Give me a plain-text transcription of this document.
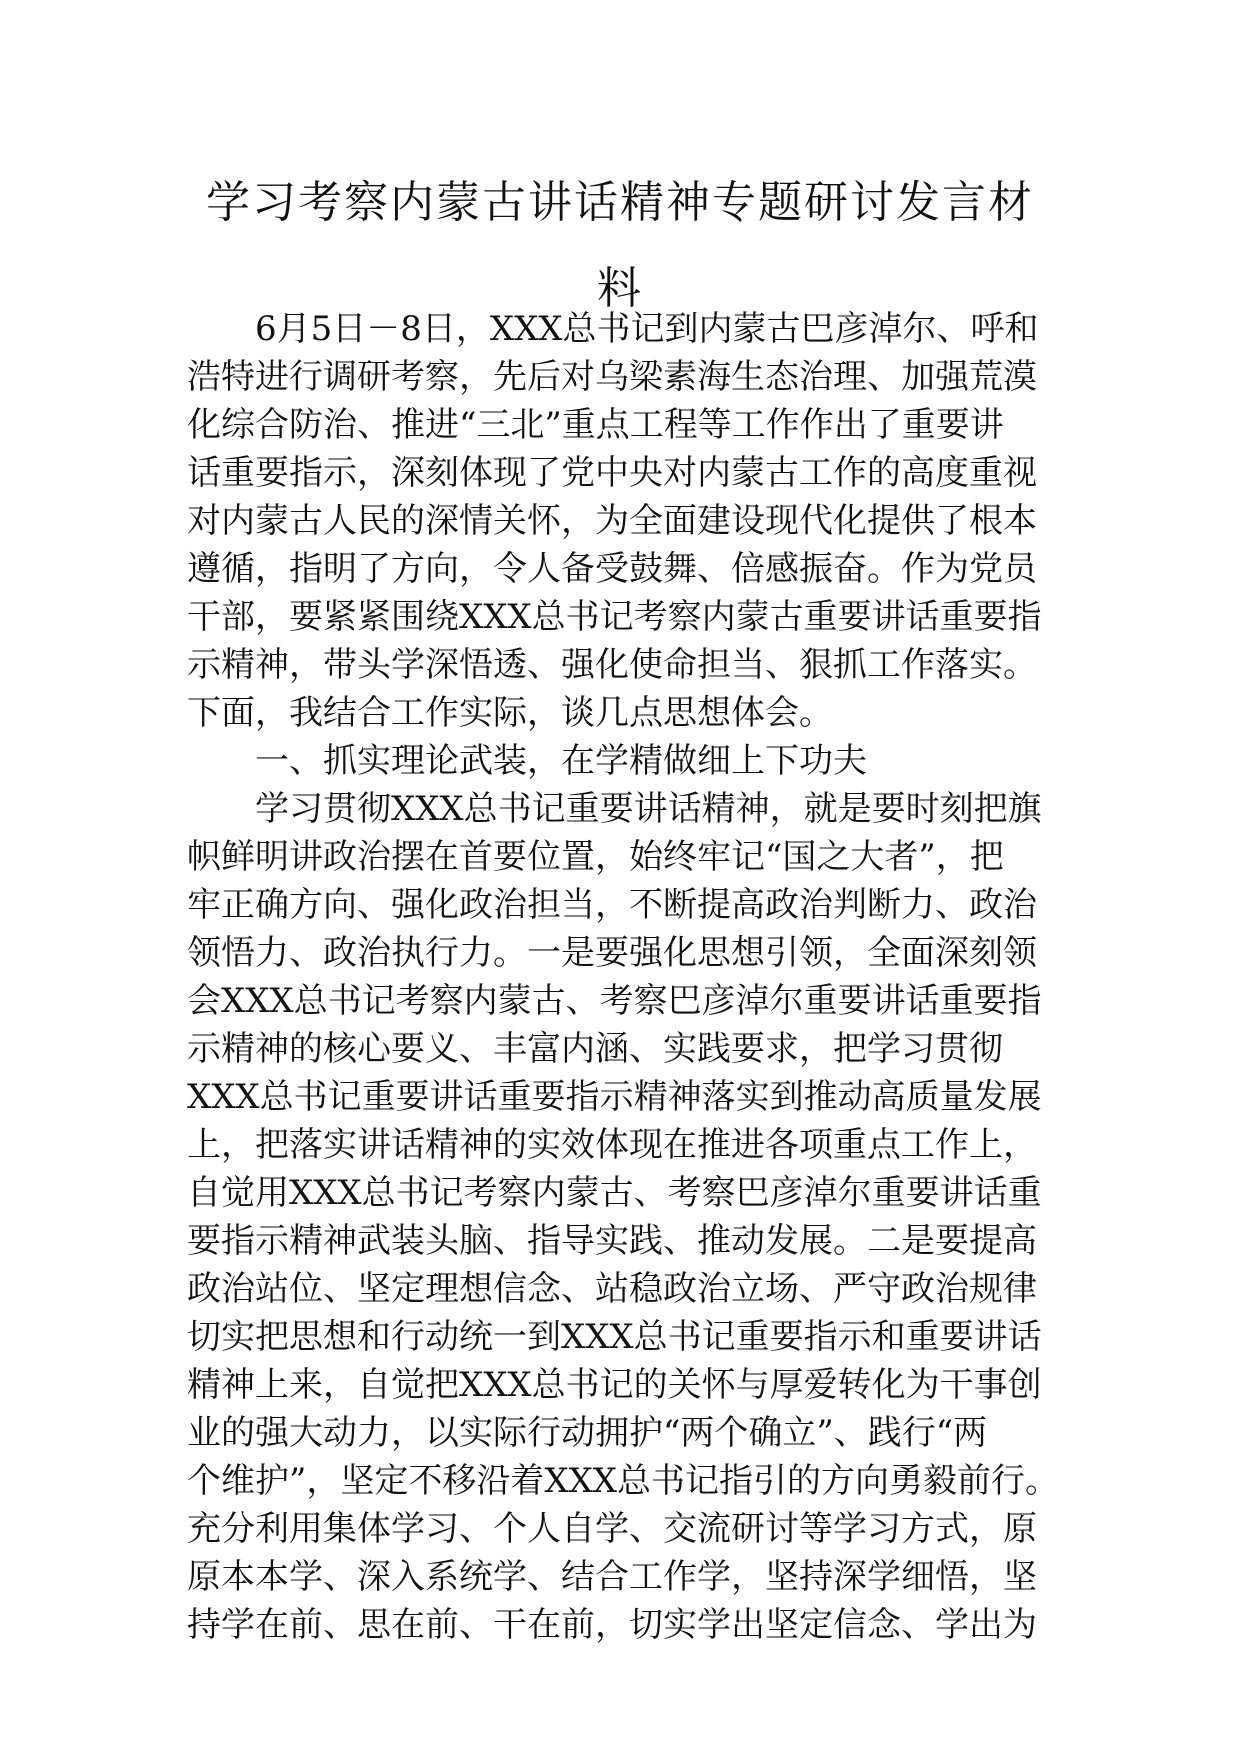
学习考察内蒙古讲话精神专题研讨发言材
料
6月5日－8日，XXX总书记到内蒙古巴彦淖尔、呼和
浩特进行调研考察，先后对乌梁素海生态治理、加强荒漠
化综合防治、推进“三北”重点工程等工作作出了重要讲
话重要指示，深刻体现了党中央对内蒙古工作的高度重视
对内蒙古人民的深情关怀，为全面建设现代化提供了根本
遵循，指明了方向，令人备受鼓舞、倍感振奋。作为党员
干部，要紧紧围绕XXX总书记考察内蒙古重要讲话重要指
示精神，带头学深悟透、强化使命担当、狠抓工作落实。
下面，我结合工作实际，谈几点思想体会。
一、抓实理论武装，在学精做细上下功夫
学习贯彻XXX总书记重要讲话精神，就是要时刻把旗
帜鲜明讲政治摆在首要位置，始终牢记“国之大者”，把
牢正确方向、强化政治担当，不断提高政治判断力、政治
领悟力、政治执行力。一是要强化思想引领，全面深刻领
会XXX总书记考察内蒙古、考察巴彦淖尔重要讲话重要指
示精神的核心要义、丰富内涵、实践要求，把学习贯彻
XXX总书记重要讲话重要指示精神落实到推动高质量发展
上，把落实讲话精神的实效体现在推进各项重点工作上，
自觉用XXX总书记考察内蒙古、考察巴彦淖尔重要讲话重
要指示精神武装头脑、指导实践、推动发展。二是要提高
政治站位、坚定理想信念、站稳政治立场、严守政治规律
切实把思想和行动统一到XXX总书记重要指示和重要讲话
精神上来，自觉把XXX总书记的关怀与厚爱转化为干事创
业的强大动力，以实际行动拥护“两个确立”、践行“两
个维护”，坚定不移沿着XXX总书记指引的方向勇毅前行。
充分利用集体学习、个人自学、交流研讨等学习方式，原
原本本学、深入系统学、结合工作学，坚持深学细悟，坚
持学在前、思在前、干在前，切实学出坚定信念、学出为
